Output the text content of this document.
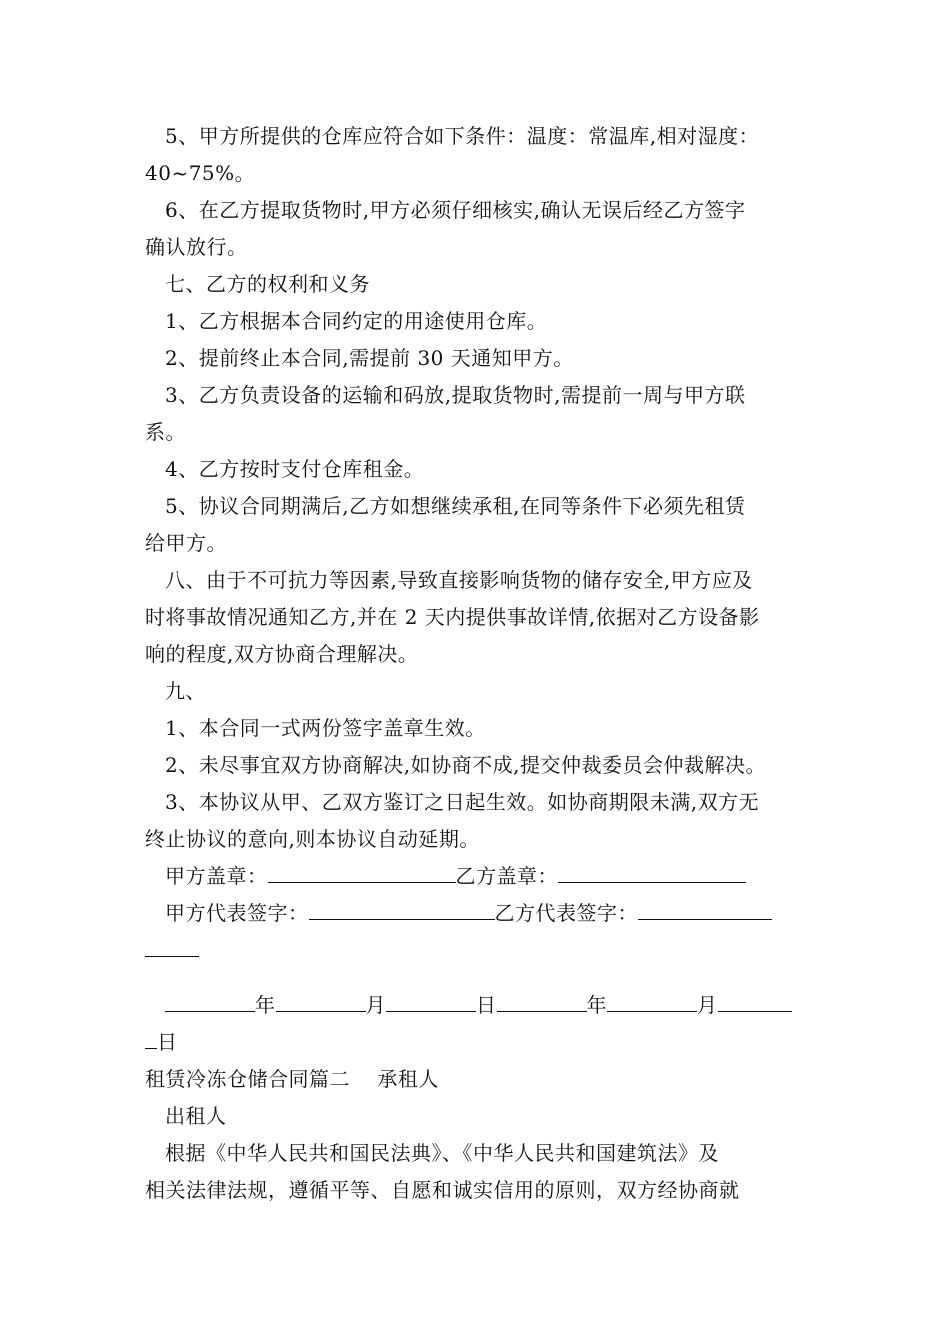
5、甲方所提供的仓库应符合如下条件：温度：常温库,相对湿度：
40~75%。
6、在乙方提取货物时,甲方必须仔细核实,确认无误后经乙方签字
确认放行。
七、乙方的权利和义务
1、乙方根据本合同约定的用途使用仓库。
2、提前终止本合同,需提前 30 天通知甲方。
3、乙方负责设备的运输和码放,提取货物时,需提前一周与甲方联
系。
4、乙方按时支付仓库租金。
5、协议合同期满后,乙方如想继续承租,在同等条件下必须先租赁
给甲方。
八、由于不可抗力等因素,导致直接影响货物的储存安全,甲方应及
时将事故情况通知乙方,并在 2 天内提供事故详情,依据对乙方设备影
响的程度,双方协商合理解决。
九、
1、本合同一式两份签字盖章生效。
2、未尽事宜双方协商解决,如协商不成,提交仲裁委员会仲裁解决。
3、本协议从甲、乙双方鉴订之日起生效。如协商期限未满,双方无
终止协议的意向,则本协议自动延期。
甲方盖章：	乙方盖章：
甲方代表签字：	乙方代表签字：
年	月	日	年	月
日
租赁冷冻仓储合同篇二　 承租人
出租人
根据《中华人民共和国民法典》、《中华人民共和国建筑法》及
相关法律法规，遵循平等、自愿和诚实信用的原则，双方经协商就
